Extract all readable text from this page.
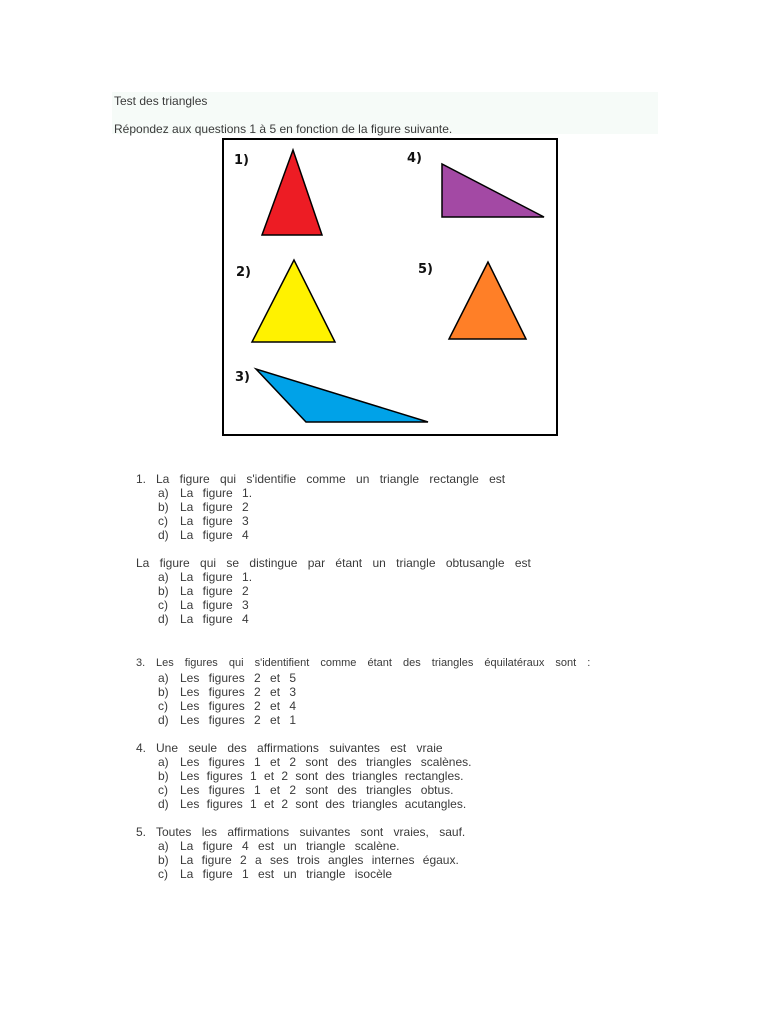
Test des triangles
Répondez aux questions 1 à 5 en fonction de la figure suivante.
1)
2)
3)
4)
5)
1. La figure qui s'identifie comme un triangle rectangle est
a) La figure 1.
b) La figure 2
c) La figure 3
d) La figure 4
La figure qui se distingue par étant un triangle obtusangle est
a) La figure 1.
b) La figure 2
c) La figure 3
d) La figure 4
3. Les figures qui s'identifient comme étant des triangles équilatéraux sont :
a) Les figures 2 et 5
b) Les figures 2 et 3
c) Les figures 2 et 4
d) Les figures 2 et 1
4. Une seule des affirmations suivantes est vraie
a) Les figures 1 et 2 sont des triangles scalènes.
b) Les figures 1 et 2 sont des triangles rectangles.
c) Les figures 1 et 2 sont des triangles obtus.
d) Les figures 1 et 2 sont des triangles acutangles.
5. Toutes les affirmations suivantes sont vraies, sauf.
a) La figure 4 est un triangle scalène.
b) La figure 2 a ses trois angles internes égaux.
c) La figure 1 est un triangle isocèle
